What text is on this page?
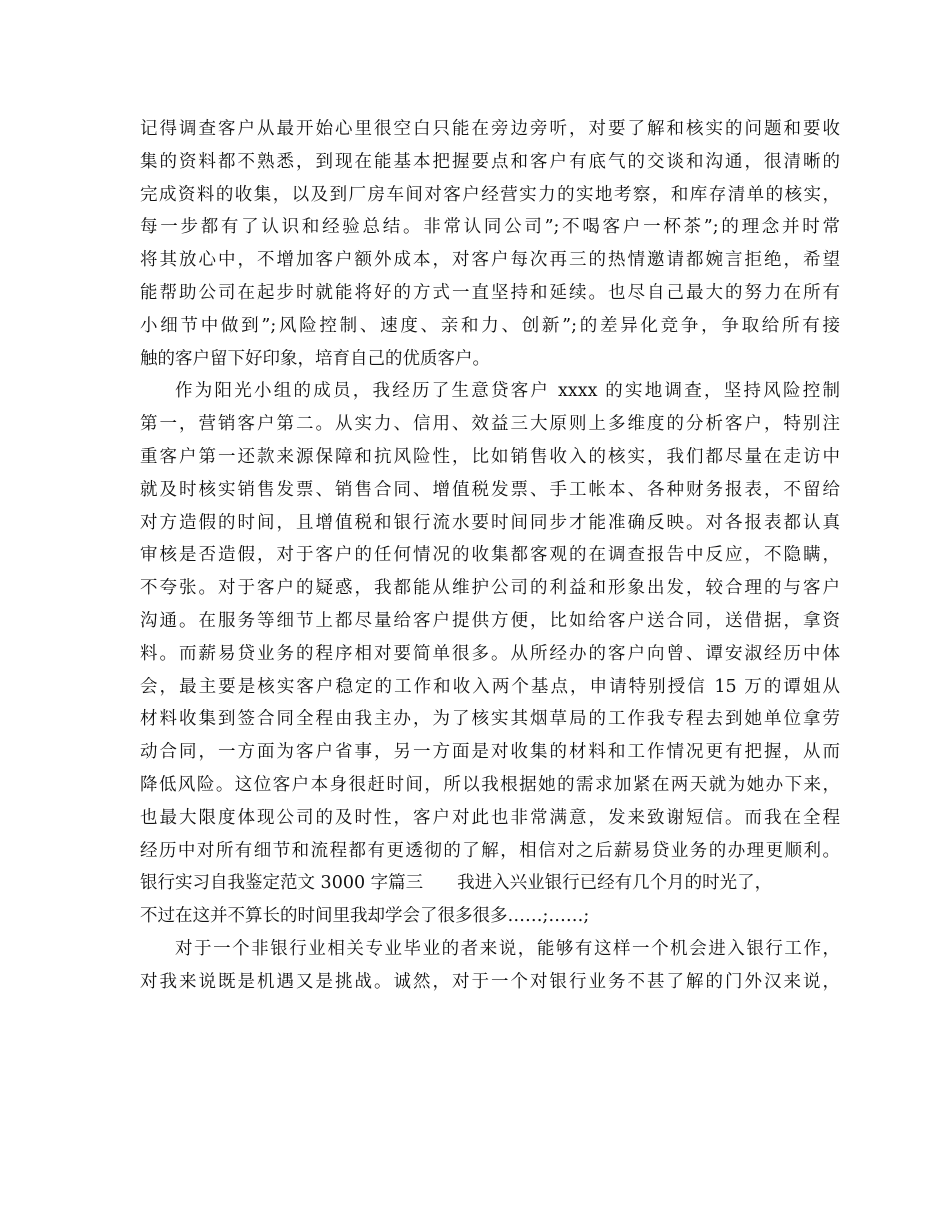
记得调查客户从最开始心里很空白只能在旁边旁听，对要了解和核实的问题和要收
集的资料都不熟悉，到现在能基本把握要点和客户有底气的交谈和沟通，很清晰的
完成资料的收集，以及到厂房车间对客户经营实力的实地考察，和库存清单的核实，
每一步都有了认识和经验总结。非常认同公司”;不喝客户一杯茶”;的理念并时常
将其放心中，不增加客户额外成本，对客户每次再三的热情邀请都婉言拒绝，希望
能帮助公司在起步时就能将好的方式一直坚持和延续。也尽自己最大的努力在所有
小细节中做到”;风险控制、速度、亲和力、创新”;的差异化竞争，争取给所有接
触的客户留下好印象，培育自己的优质客户。
作为阳光小组的成员，我经历了生意贷客户 xxxx 的实地调查，坚持风险控制
第一，营销客户第二。从实力、信用、效益三大原则上多维度的分析客户，特别注
重客户第一还款来源保障和抗风险性，比如销售收入的核实，我们都尽量在走访中
就及时核实销售发票、销售合同、增值税发票、手工帐本、各种财务报表，不留给
对方造假的时间，且增值税和银行流水要时间同步才能准确反映。对各报表都认真
审核是否造假，对于客户的任何情况的收集都客观的在调查报告中反应，不隐瞒，
不夸张。对于客户的疑惑，我都能从维护公司的利益和形象出发，较合理的与客户
沟通。在服务等细节上都尽量给客户提供方便，比如给客户送合同，送借据，拿资
料。而薪易贷业务的程序相对要简单很多。从所经办的客户向曾、谭安淑经历中体
会，最主要是核实客户稳定的工作和收入两个基点，申请特别授信 15 万的谭姐从
材料收集到签合同全程由我主办，为了核实其烟草局的工作我专程去到她单位拿劳
动合同，一方面为客户省事，另一方面是对收集的材料和工作情况更有把握，从而
降低风险。这位客户本身很赶时间，所以我根据她的需求加紧在两天就为她办下来，
也最大限度体现公司的及时性，客户对此也非常满意，发来致谢短信。而我在全程
经历中对所有细节和流程都有更透彻的了解，相信对之后薪易贷业务的办理更顺利。
银行实习自我鉴定范文 3000 字篇三 我进入兴业银行已经有几个月的时光了，
不过在这并不算长的时间里我却学会了很多很多……;……;
对于一个非银行业相关专业毕业的者来说，能够有这样一个机会进入银行工作，
对我来说既是机遇又是挑战。诚然，对于一个对银行业务不甚了解的门外汉来说，
